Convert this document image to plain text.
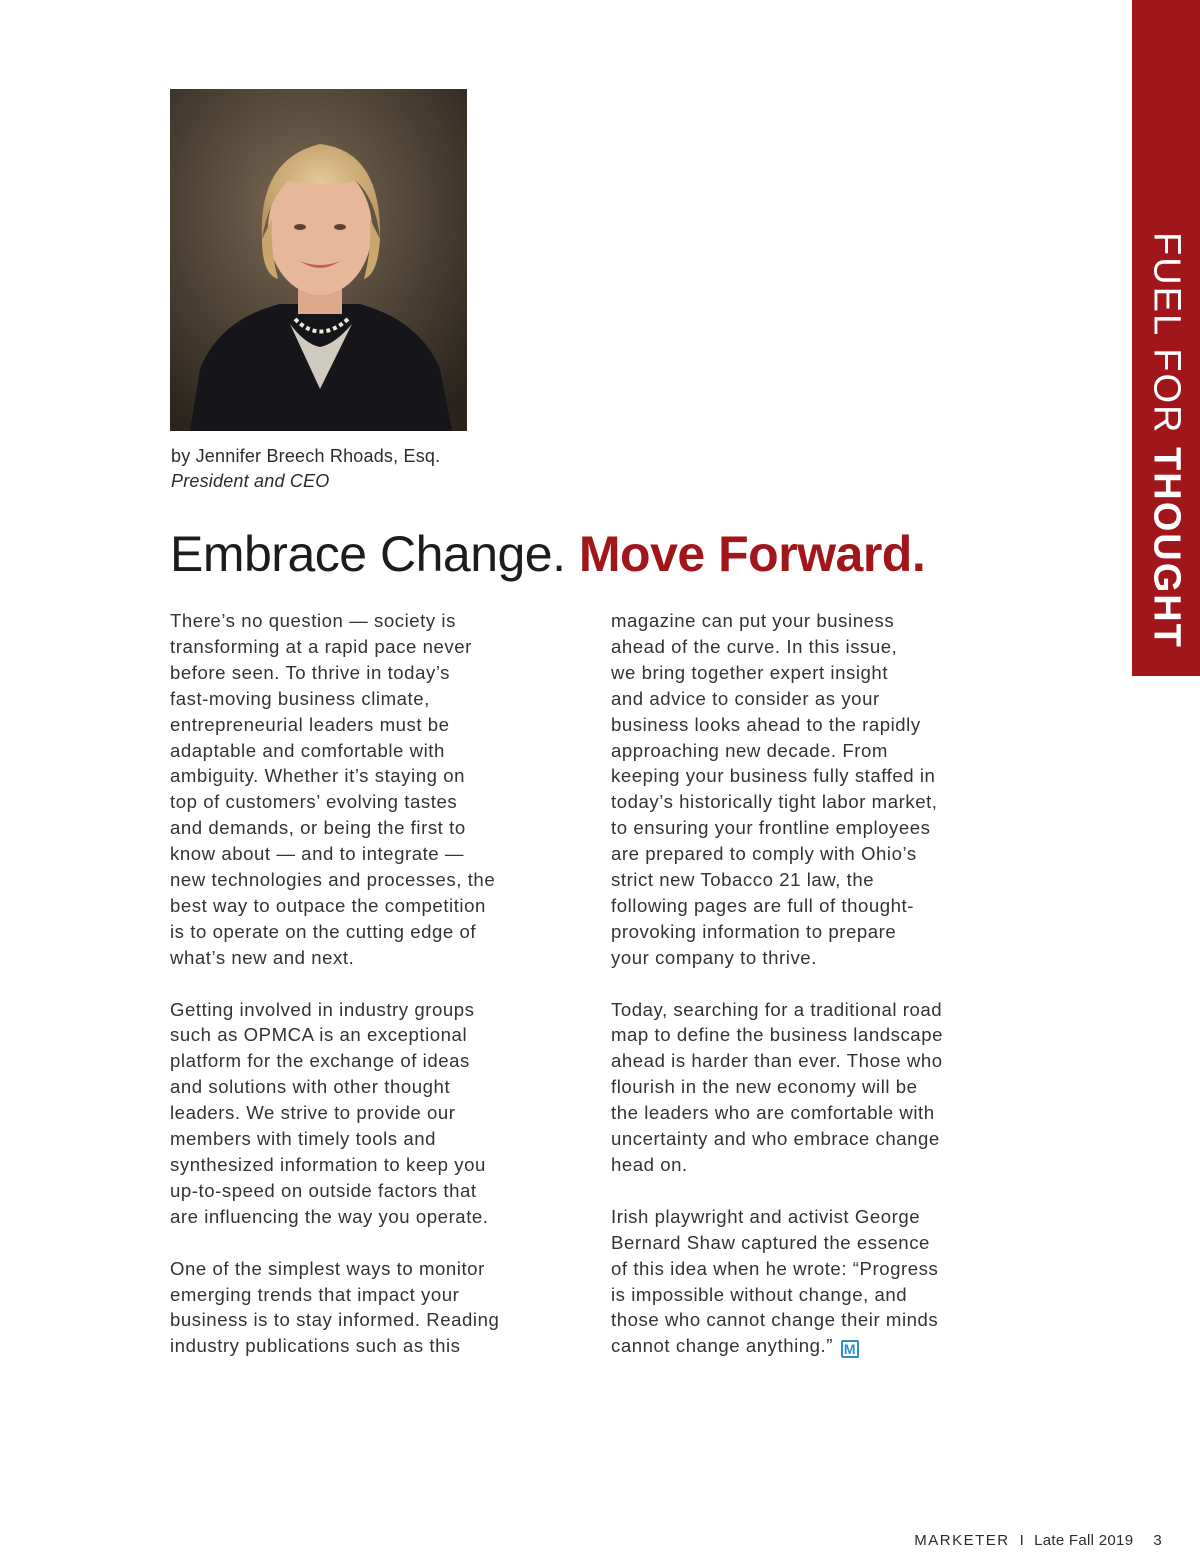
FUEL FOR THOUGHT
by Jennifer Breech Rhoads, Esq.
President and CEO
Embrace Change. Move Forward.

There’s no question — society is
transforming at a rapid pace never
before seen. To thrive in today’s
fast-moving business climate,
entrepreneurial leaders must be
adaptable and comfortable with
ambiguity. Whether it’s staying on
top of customers’ evolving tastes
and demands, or being the first to
know about — and to integrate —
new technologies and processes, the
best way to outpace the competition
is to operate on the cutting edge of
what’s new and next.

Getting involved in industry groups
such as OPMCA is an exceptional
platform for the exchange of ideas
and solutions with other thought
leaders. We strive to provide our
members with timely tools and
synthesized information to keep you
up-to-speed on outside factors that
are influencing the way you operate.

One of the simplest ways to monitor
emerging trends that impact your
business is to stay informed. Reading
industry publications such as this

magazine can put your business
ahead of the curve. In this issue,
we bring together expert insight
and advice to consider as your
business looks ahead to the rapidly
approaching new decade. From
keeping your business fully staffed in
today’s historically tight labor market,
to ensuring your frontline employees
are prepared to comply with Ohio’s
strict new Tobacco 21 law, the
following pages are full of thought-
provoking information to prepare
your company to thrive.

Today, searching for a traditional road
map to define the business landscape
ahead is harder than ever. Those who
flourish in the new economy will be
the leaders who are comfortable with
uncertainty and who embrace change
head on.

Irish playwright and activist George
Bernard Shaw captured the essence
of this idea when he wrote: “Progress
is impossible without change, and
those who cannot change their minds
cannot change anything.” M

MARKETER I Late Fall 2019 3
